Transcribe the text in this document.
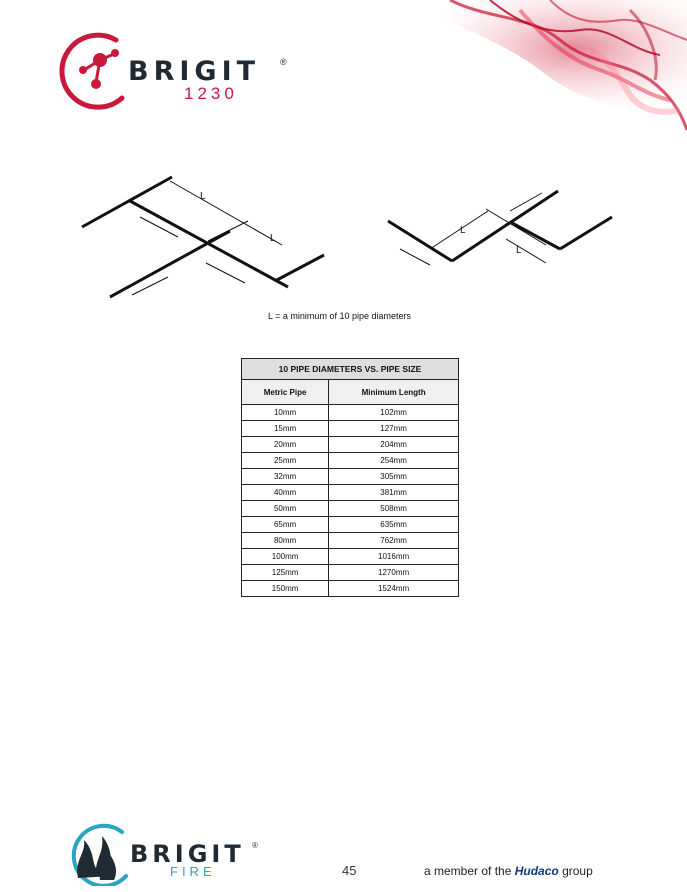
BRIGIT ®
1230
L
L
L
L
L = a minimum of 10 pipe diameters
10 PIPE DIAMETERS VS. PIPE SIZE	
Metric Pipe	Minimum Length
10mm	102mm
15mm	127mm
20mm	204mm
25mm	254mm
32mm	305mm
40mm	381mm
50mm	508mm
65mm	635mm
80mm	762mm
100mm	1016mm
125mm	1270mm
150mm	1524mm
BRIGIT ®
FIRE	45	a member of the Hudaco group
